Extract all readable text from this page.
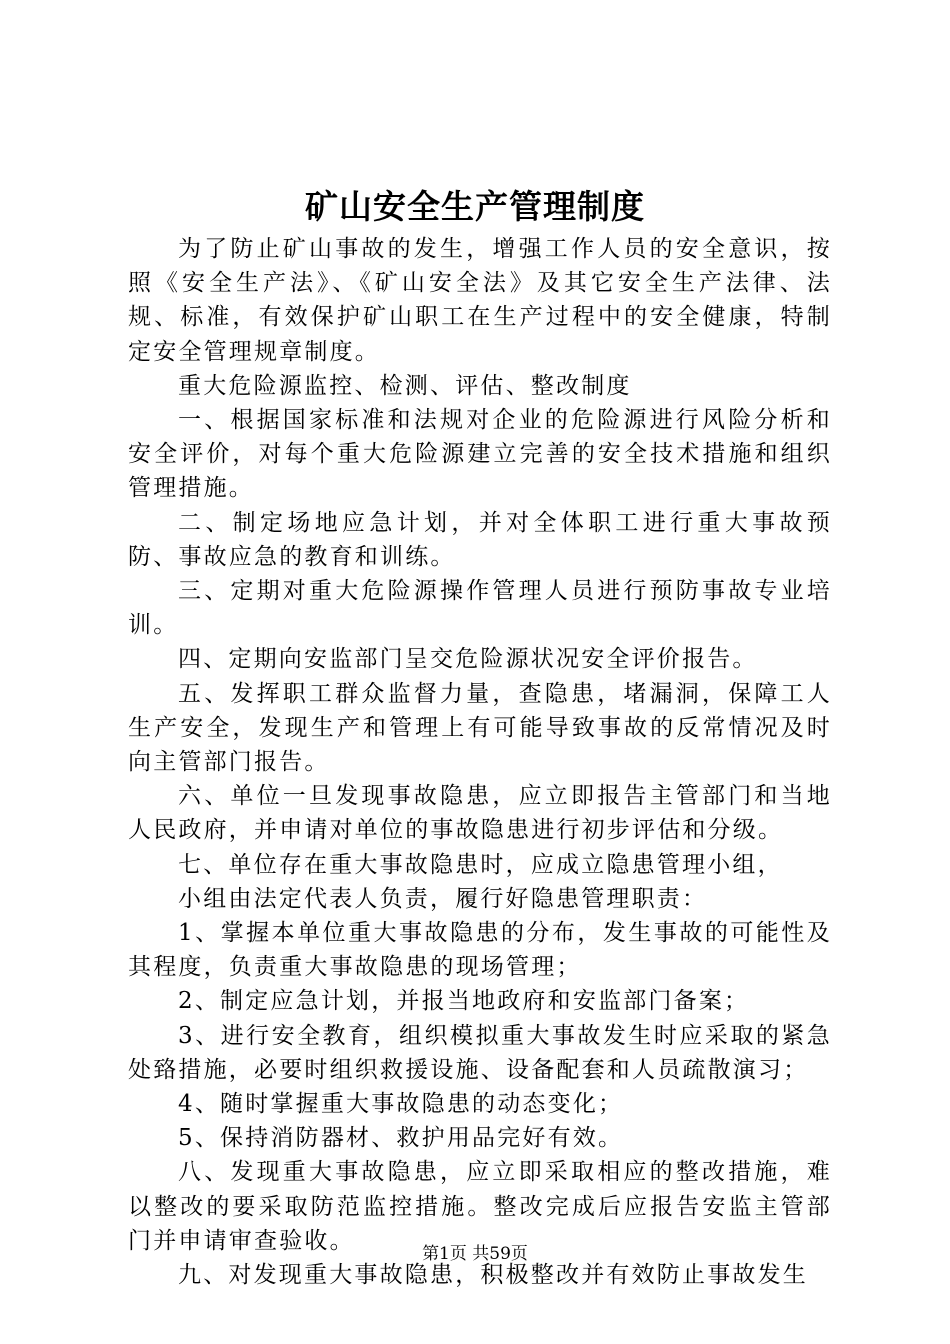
矿山安全生产管理制度

为了防止矿山事故的发生，增强工作人员的安全意识，按照《安全生产法》、《矿山安全法》及其它安全生产法律、法规、标准，有效保护矿山职工在生产过程中的安全健康，特制定安全管理规章制度。

重大危险源监控、检测、评估、整改制度

一、根据国家标准和法规对企业的危险源进行风险分析和安全评价，对每个重大危险源建立完善的安全技术措施和组织管理措施。

二、制定场地应急计划，并对全体职工进行重大事故预防、事故应急的教育和训练。

三、定期对重大危险源操作管理人员进行预防事故专业培训。

四、定期向安监部门呈交危险源状况安全评价报告。

五、发挥职工群众监督力量，查隐患，堵漏洞，保障工人生产安全，发现生产和管理上有可能导致事故的反常情况及时向主管部门报告。

六、单位一旦发现事故隐患，应立即报告主管部门和当地人民政府，并申请对单位的事故隐患进行初步评估和分级。

七、单位存在重大事故隐患时，应成立隐患管理小组，

小组由法定代表人负责，履行好隐患管理职责：

1、掌握本单位重大事故隐患的分布，发生事故的可能性及其程度，负责重大事故隐患的现场管理；

2、制定应急计划，并报当地政府和安监部门备案；

3、进行安全教育，组织模拟重大事故发生时应采取的紧急处臵措施，必要时组织救援设施、设备配套和人员疏散演习；

4、随时掌握重大事故隐患的动态变化；

5、保持消防器材、救护用品完好有效。

八、发现重大事故隐患，应立即采取相应的整改措施，难以整改的要采取防范监控措施。整改完成后应报告安监主管部门并申请审查验收。

九、对发现重大事故隐患，积极整改并有效防止事故发生

第1页 共59页
